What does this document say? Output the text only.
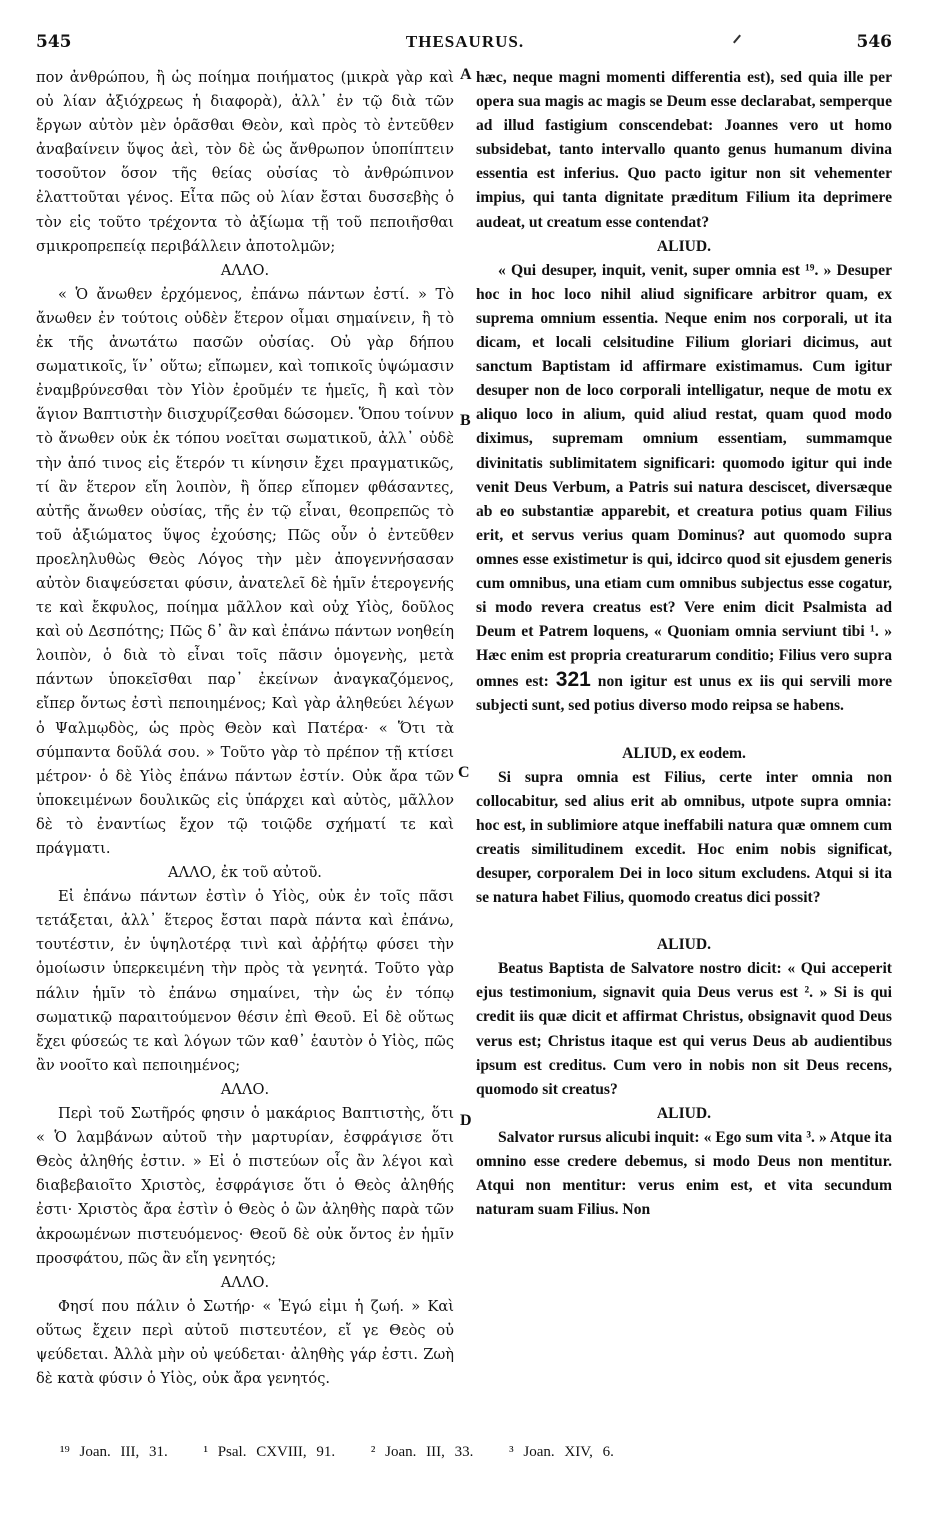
545	THESAURUS.	546

πον ἀνθρώπου, ἢ ὡς ποίημα ποιήματος (μικρὰ γὰρ καὶ οὐ λίαν ἀξιόχρεως ἡ διαφορὰ), ἀλλ᾽ ἐν τῷ διὰ τῶν ἔργων αὐτὸν μὲν ὁρᾶσθαι Θεὸν, καὶ πρὸς τὸ ἐντεῦθεν ἀναβαίνειν ὕψος ἀεὶ, τὸν δὲ ὡς ἄνθρωπον ὑποπίπτειν τοσοῦτον ὅσον τῆς θείας οὐσίας τὸ ἀνθρώπινον ἐλαττοῦται γένος. Εἶτα πῶς οὐ λίαν ἔσται δυσσεβὴς ὁ τὸν εἰς τοῦτο τρέχοντα τὸ ἀξίωμα τῇ τοῦ πεποιῆσθαι σμικροπρεπείᾳ περιβάλλειν ἀποτολμῶν;

ΑΛΛΟ.

« Ὁ ἄνωθεν ἐρχόμενος, ἐπάνω πάντων ἐστί. » Τὸ ἄνωθεν ἐν τούτοις οὐδὲν ἕτερον οἶμαι σημαίνειν, ἢ τὸ ἐκ τῆς ἀνωτάτω πασῶν οὐσίας. Οὐ γὰρ δήπου σωματικοῖς, ἵν᾽ οὕτω; εἴπωμεν, καὶ τοπικοῖς ὑψώμασιν ἐναμβρύνεσθαι τὸν Υἱὸν ἐροῦμέν τε ἡμεῖς, ἢ καὶ τὸν ἅγιον Βαπτιστὴν διισχυρίζεσθαι δώσομεν. Ὅπου τοίνυν τὸ ἄνωθεν οὐκ ἐκ τόπου νοεῖται σωματικοῦ, ἀλλ᾽ οὐδὲ τὴν ἀπό τινος εἰς ἕτερόν τι κίνησιν ἔχει πραγματικῶς, τί ἂν ἕτερον εἴη λοιπὸν, ἢ ὅπερ εἴπομεν φθάσαντες, αὐτῆς ἄνωθεν οὐσίας, τῆς ἐν τῷ εἶναι, θεοπρεπῶς τὸ τοῦ ἀξιώματος ὕψος ἐχούσης; Πῶς οὖν ὁ ἐντεῦθεν προεληλυθὼς Θεὸς Λόγος τὴν μὲν ἀπογεννήσασαν αὐτὸν διαψεύσεται φύσιν, ἀνατελεῖ δὲ ἡμῖν ἑτερογενής τε καὶ ἔκφυλος, ποίημα μᾶλλον καὶ οὐχ Υἱὸς, δοῦλος καὶ οὐ Δεσπότης; Πῶς δ᾽ ἂν καὶ ἐπάνω πάντων νοηθείη λοιπὸν, ὁ διὰ τὸ εἶναι τοῖς πᾶσιν ὁμογενὴς, μετὰ πάντων ὑποκεῖσθαι παρ᾽ ἐκείνων ἀναγκαζόμενος, εἴπερ ὄντως ἐστὶ πεποιημένος; Καὶ γὰρ ἀληθεύει λέγων ὁ Ψαλμῳδὸς, ὡς πρὸς Θεὸν καὶ Πατέρα· « Ὅτι τὰ σύμπαντα δοῦλά σου. » Τοῦτο γὰρ τὸ πρέπον τῇ κτίσει μέτρον· ὁ δὲ Υἱὸς ἐπάνω πάντων ἐστίν. Οὐκ ἄρα τῶν ὑποκειμένων δουλικῶς εἰς ὑπάρχει καὶ αὐτὸς, μᾶλλον δὲ τὸ ἐναντίως ἔχον τῷ τοιῷδε σχήματί τε καὶ πράγματι.

ΑΛΛΟ, ἐκ τοῦ αὐτοῦ.

Εἰ ἐπάνω πάντων ἐστὶν ὁ Υἱὸς, οὐκ ἐν τοῖς πᾶσι τετάξεται, ἀλλ᾽ ἕτερος ἔσται παρὰ πάντα καὶ ἐπάνω, τουτέστιν, ἐν ὑψηλοτέρᾳ τινὶ καὶ ἀῤῥήτῳ φύσει τὴν ὁμοίωσιν ὑπερκειμένη τὴν πρὸς τὰ γενητά. Τοῦτο γὰρ πάλιν ἡμῖν τὸ ἐπάνω σημαίνει, τὴν ὡς ἐν τόπῳ σωματικῷ παραιτούμενον θέσιν ἐπὶ Θεοῦ. Εἰ δὲ οὕτως ἔχει φύσεώς τε καὶ λόγων τῶν καθ᾽ ἑαυτὸν ὁ Υἱὸς, πῶς ἂν νοοῖτο καὶ πεποιημένος;

ΑΛΛΟ.

Περὶ τοῦ Σωτῆρός φησιν ὁ μακάριος Βαπτιστὴς, ὅτι « Ὁ λαμβάνων αὐτοῦ τὴν μαρτυρίαν, ἐσφράγισε ὅτι Θεὸς ἀληθής ἐστιν. » Εἰ ὁ πιστεύων οἷς ἂν λέγοι καὶ διαβεβαιοῖτο Χριστὸς, ἐσφράγισε ὅτι ὁ Θεὸς ἀληθής ἐστι· Χριστὸς ἄρα ἐστὶν ὁ Θεὸς ὁ ὢν ἀληθὴς παρὰ τῶν ἀκροωμένων πιστευόμενος· Θεοῦ δὲ οὐκ ὄντος ἐν ἡμῖν προσφάτου, πῶς ἂν εἴη γενητός;

ΑΛΛΟ.

Φησί που πάλιν ὁ Σωτήρ· « Ἐγώ εἰμι ἡ ζωή. » Καὶ οὕτως ἔχειν περὶ αὐτοῦ πιστευτέον, εἴ γε Θεὸς οὐ ψεύδεται. Ἀλλὰ μὴν οὐ ψεύδεται· ἀληθὴς γάρ ἐστι. Ζωὴ δὲ κατὰ φύσιν ὁ Υἱὸς, οὐκ ἄρα γενητός.

hæc, neque magni momenti differentia est), sed quia ille per opera sua magis ac magis se Deum esse declarabat, semperque ad illud fastigium conscendebat: Joannes vero ut homo subsidebat, tanto intervallo quanto genus humanum divina essentia est inferius. Quo pacto igitur non sit vehementer impius, qui tanta dignitate præditum Filium ita deprimere audeat, ut creatum esse contendat?

ALIUD.

« Qui desuper, inquit, venit, super omnia est ¹⁹. » Desuper hoc in hoc loco nihil aliud significare arbitror quam, ex suprema omnium essentia. Neque enim nos corporali, ut ita dicam, et locali celsitudine Filium gloriari dicimus, aut sanctum Baptistam id affirmare existimamus. Cum igitur desuper non de loco corporali intelligatur, neque de motu ex aliquo loco in alium, quid aliud restat, quam quod modo diximus, supremam omnium essentiam, summamque divinitatis sublimitatem significari: quomodo igitur qui inde venit Deus Verbum, a Patris sui natura desciscet, diversæque ab eo substantiæ apparebit, et creatura potius quam Filius erit, et servus verius quam Dominus? aut quomodo supra omnes esse existimetur is qui, idcirco quod sit ejusdem generis cum omnibus, una etiam cum omnibus subjectus esse cogatur, si modo revera creatus est? Vere enim dicit Psalmista ad Deum et Patrem loquens, « Quoniam omnia serviunt tibi ¹. » Hæc enim est propria creaturarum conditio; Filius vero supra omnes est: 321 non igitur est unus ex iis qui servili more subjecti sunt, sed potius diverso modo reipsa se habens.

ALIUD, ex eodem.

Si supra omnia est Filius, certe inter omnia non collocabitur, sed alius erit ab omnibus, utpote supra omnia: hoc est, in sublimiore atque ineffabili natura quæ omnem cum creatis similitudinem excedit. Hoc enim nobis significat, desuper, corporalem Dei in loco situm excludens. Atqui si ita se natura habet Filius, quomodo creatus dici possit?

ALIUD.

Beatus Baptista de Salvatore nostro dicit: « Qui acceperit ejus testimonium, signavit quia Deus verus est ². » Si is qui credit iis quæ dicit et affirmat Christus, obsignavit quod Deus verus est; Christus itaque est qui verus Deus ab audientibus ipsum est creditus. Cum vero in nobis non sit Deus recens, quomodo sit creatus?

ALIUD.

Salvator rursus alicubi inquit: « Ego sum vita ³. » Atque ita omnino esse credere debemus, si modo Deus non mentitur. Atqui non mentitur: verus enim est, et vita secundum naturam suam Filius. Non

A
B
C
D
¹⁹ Joan. III, 31. ¹ Psal. CXVIII, 91. ² Joan. III, 33. ³ Joan. XIV, 6.
